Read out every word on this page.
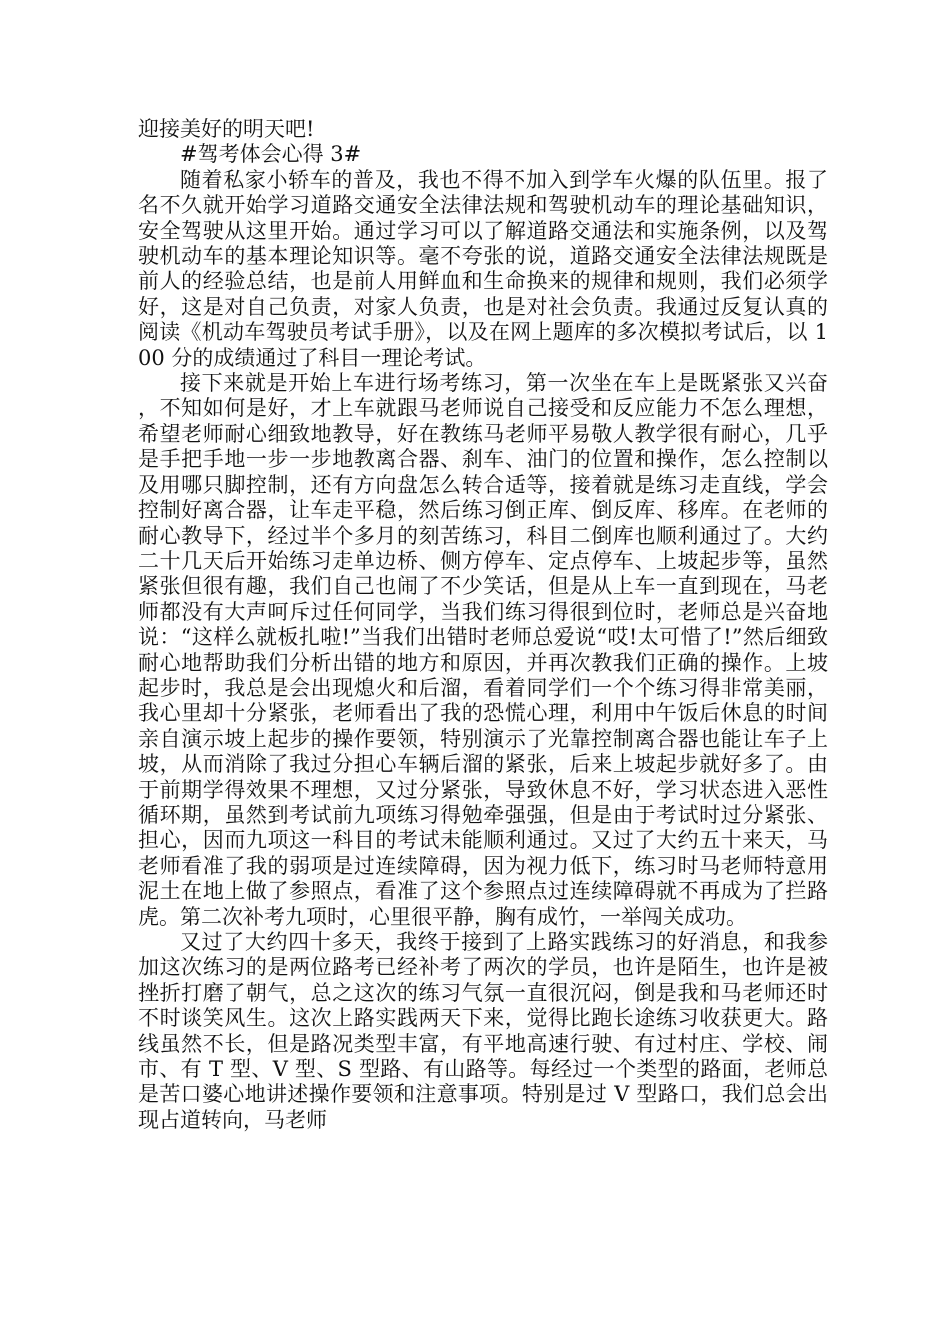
迎接美好的明天吧!

#驾考体会心得 3#

随着私家小轿车的普及，我也不得不加入到学车火爆的队伍里。报了名不久就开始学习道路交通安全法律法规和驾驶机动车的理论基础知识，安全驾驶从这里开始。通过学习可以了解道路交通法和实施条例，以及驾驶机动车的基本理论知识等。毫不夸张的说，道路交通安全法律法规既是前人的经验总结，也是前人用鲜血和生命换来的规律和规则，我们必须学好，这是对自己负责，对家人负责，也是对社会负责。我通过反复认真的阅读《机动车驾驶员考试手册》，以及在网上题库的多次模拟考试后，以 100 分的成绩通过了科目一理论考试。

接下来就是开始上车进行场考练习，第一次坐在车上是既紧张又兴奋，不知如何是好，才上车就跟马老师说自己接受和反应能力不怎么理想，希望老师耐心细致地教导，好在教练马老师平易敬人教学很有耐心，几乎是手把手地一步一步地教离合器、刹车、油门的位置和操作，怎么控制以及用哪只脚控制，还有方向盘怎么转合适等，接着就是练习走直线，学会控制好离合器，让车走平稳，然后练习倒正库、倒反库、移库。在老师的耐心教导下，经过半个多月的刻苦练习，科目二倒库也顺利通过了。大约二十几天后开始练习走单边桥、侧方停车、定点停车、上坡起步等，虽然紧张但很有趣，我们自己也闹了不少笑话，但是从上车一直到现在，马老师都没有大声呵斥过任何同学，当我们练习得很到位时，老师总是兴奋地说：“这样么就板扎啦!”当我们出错时老师总爱说“哎!太可惜了!”然后细致耐心地帮助我们分析出错的地方和原因，并再次教我们正确的操作。上坡起步时，我总是会出现熄火和后溜，看着同学们一个个练习得非常美丽，我心里却十分紧张，老师看出了我的恐慌心理，利用中午饭后休息的时间亲自演示坡上起步的操作要领，特别演示了光靠控制离合器也能让车子上坡，从而消除了我过分担心车辆后溜的紧张，后来上坡起步就好多了。由于前期学得效果不理想，又过分紧张，导致休息不好，学习状态进入恶性循环期，虽然到考试前九项练习得勉牵强强，但是由于考试时过分紧张、担心，因而九项这一科目的考试未能顺利通过。又过了大约五十来天，马老师看准了我的弱项是过连续障碍，因为视力低下，练习时马老师特意用泥土在地上做了参照点，看准了这个参照点过连续障碍就不再成为了拦路虎。第二次补考九项时，心里很平静，胸有成竹，一举闯关成功。

又过了大约四十多天，我终于接到了上路实践练习的好消息，和我参加这次练习的是两位路考已经补考了两次的学员，也许是陌生，也许是被挫折打磨了朝气，总之这次的练习气氛一直很沉闷，倒是我和马老师还时不时谈笑风生。这次上路实践两天下来，觉得比跑长途练习收获更大。路线虽然不长，但是路况类型丰富，有平地高速行驶、有过村庄、学校、闹市、有 T 型、V 型、S 型路、有山路等。每经过一个类型的路面，老师总是苦口婆心地讲述操作要领和注意事项。特别是过 V 型路口，我们总会出现占道转向，马老师
